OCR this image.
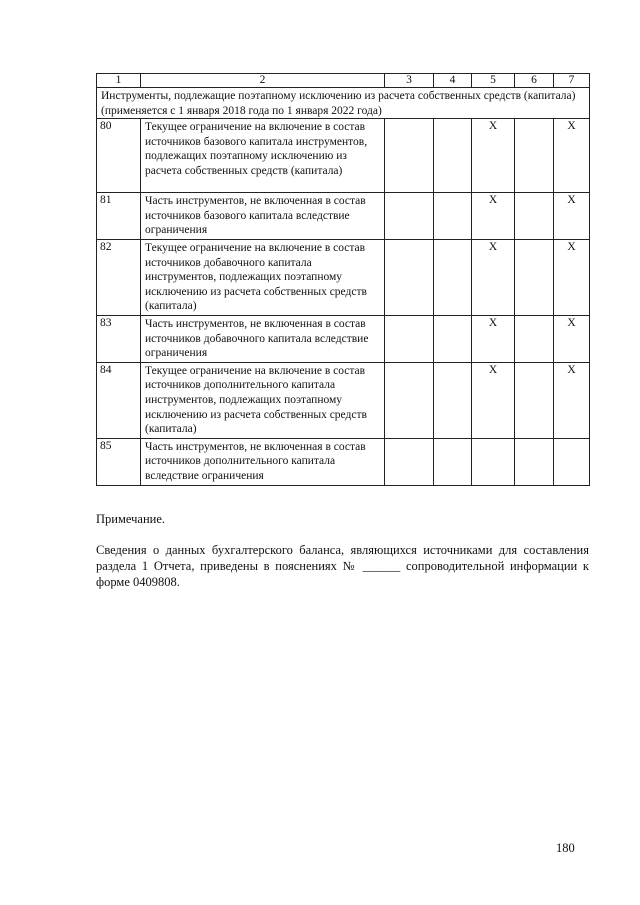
1	2	3	4	5	6	7
Инструменты, подлежащие поэтапному исключению из расчета собственных средств (капитала) (применяется с 1 января 2018 года по 1 января 2022 года)						
80	Текущее ограничение на включение в состав источников базового капитала инструментов, подлежащих поэтапному исключению из расчета собственных средств (капитала)			X		X
81	Часть инструментов, не включенная в состав источников базового капитала вследствие ограничения			X		X
82	Текущее ограничение на включение в состав источников добавочного капитала инструментов, подлежащих поэтапному исключению из расчета собственных средств (капитала)			X		X
83	Часть инструментов, не включенная в состав источников добавочного капитала вследствие ограничения			X		X
84	Текущее ограничение на включение в состав источников дополнительного капитала инструментов, подлежащих поэтапному исключению из расчета собственных средств (капитала)			X		X
85	Часть инструментов, не включенная в состав источников дополнительного капитала вследствие ограничения					
Примечание.
Сведения о данных бухгалтерского баланса, являющихся источниками для составления раздела 1 Отчета, приведены в пояснениях № ______ сопроводительной информации к форме 0409808.
180
